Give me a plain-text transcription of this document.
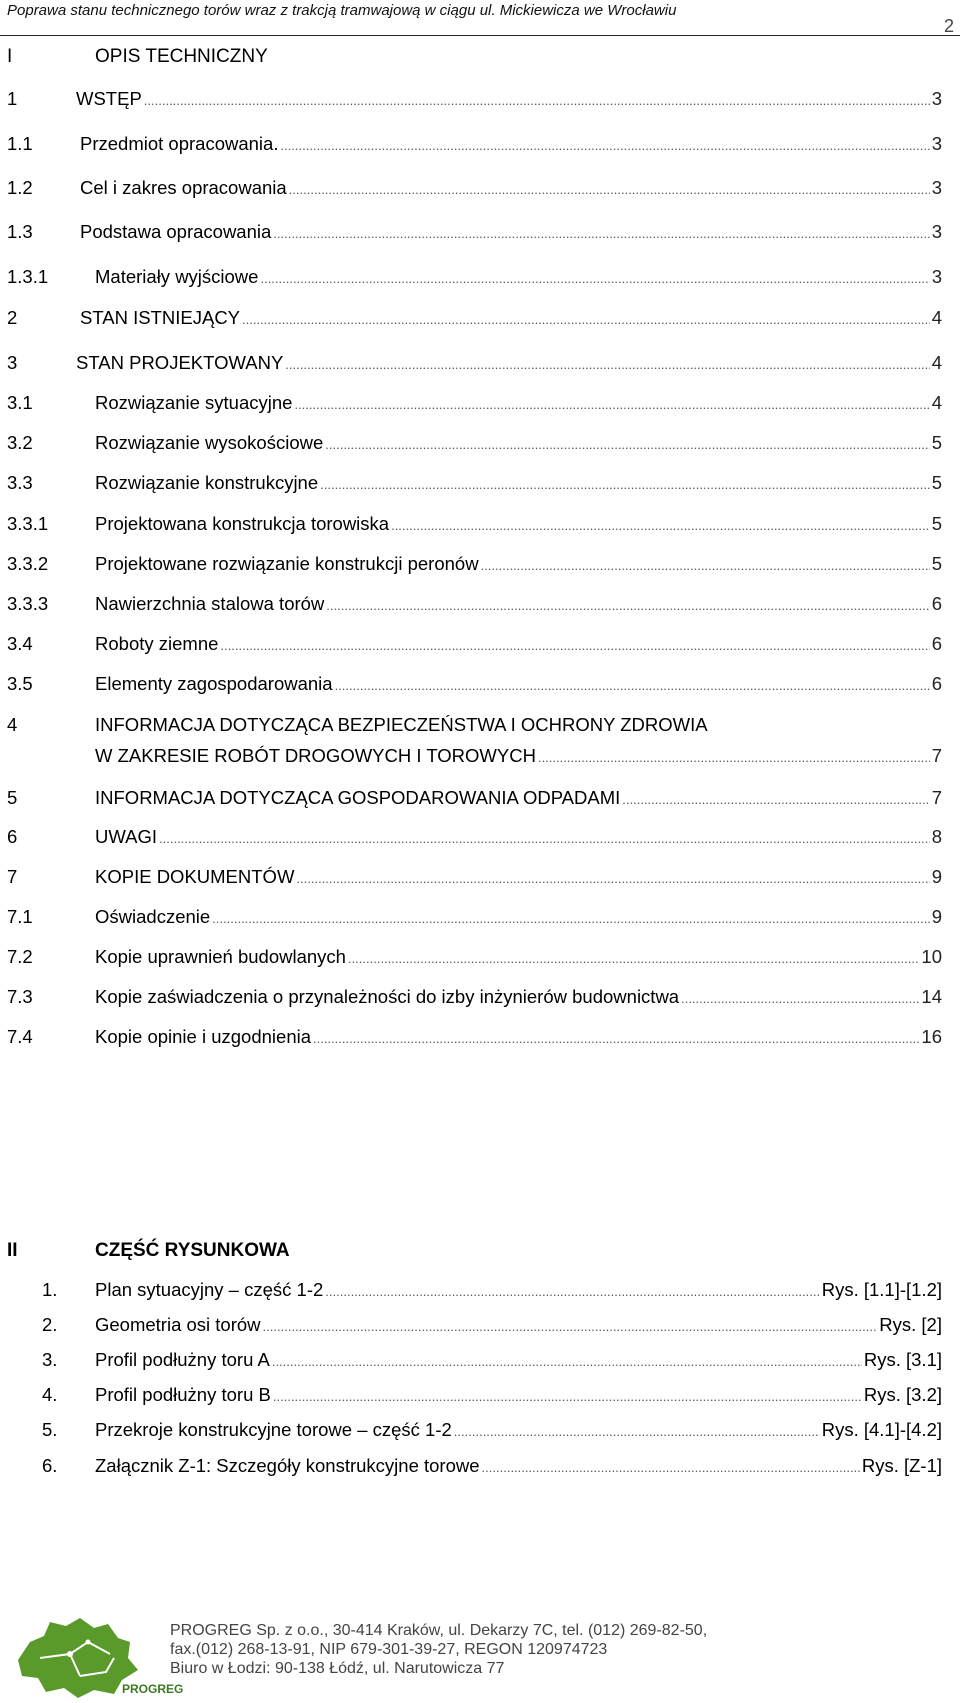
Poprawa stanu technicznego torów wraz z trakcją tramwajową w ciągu ul. Mickiewicza we Wrocławiu
2
I	OPIS TECHNICZNY
1	WSTĘP .....	3
1.1	Przedmiot opracowania. .....	3
1.2	Cel i zakres opracowania .....	3
1.3	Podstawa opracowania .....	3
1.3.1	Materiały wyjściowe .....	3
2	STAN ISTNIEJĄCY .....	4
3	STAN PROJEKTOWANY .....	4
3.1	Rozwiązanie sytuacyjne .....	4
3.2	Rozwiązanie wysokościowe .....	5
3.3	Rozwiązanie konstrukcyjne .....	5
3.3.1	Projektowana konstrukcja torowiska .....	5
3.3.2	Projektowane rozwiązanie konstrukcji peronów .....	5
3.3.3	Nawierzchnia stalowa torów .....	6
3.4	Roboty ziemne .....	6
3.5	Elementy zagospodarowania .....	6
4	INFORMACJA DOTYCZĄCA BEZPIECZEŃSTWA I OCHRONY ZDROWIA
W ZAKRESIE ROBÓT DROGOWYCH I TOROWYCH .....	7
5	INFORMACJA DOTYCZĄCA GOSPODAROWANIA ODPADAMI .....	7
6	UWAGI .....	8
7	KOPIE DOKUMENTÓW .....	9
7.1	Oświadczenie .....	9
7.2	Kopie uprawnień budowlanych .....	10
7.3	Kopie zaświadczenia o przynależności do izby inżynierów budownictwa .....	14
7.4	Kopie opinie i uzgodnienia .....	16
II	CZĘŚĆ RYSUNKOWA
1. Plan sytuacyjny – część 1-2 .....	Rys. [1.1]-[1.2]
2. Geometria osi torów .....	Rys. [2]
3. Profil podłużny toru A .....	Rys. [3.1]
4. Profil podłużny toru B .....	Rys. [3.2]
5. Przekroje konstrukcyjne torowe – część 1-2 .....	Rys. [4.1]-[4.2]
6. Załącznik Z-1: Szczegóły konstrukcyjne torowe .....	Rys. [Z-1]
PROGREG
PROGREG Sp. z o.o., 30-414 Kraków, ul. Dekarzy 7C, tel. (012) 269-82-50,
fax.(012) 268-13-91, NIP 679-301-39-27, REGON 120974723
Biuro w Łodzi: 90-138 Łódź, ul. Narutowicza 77
